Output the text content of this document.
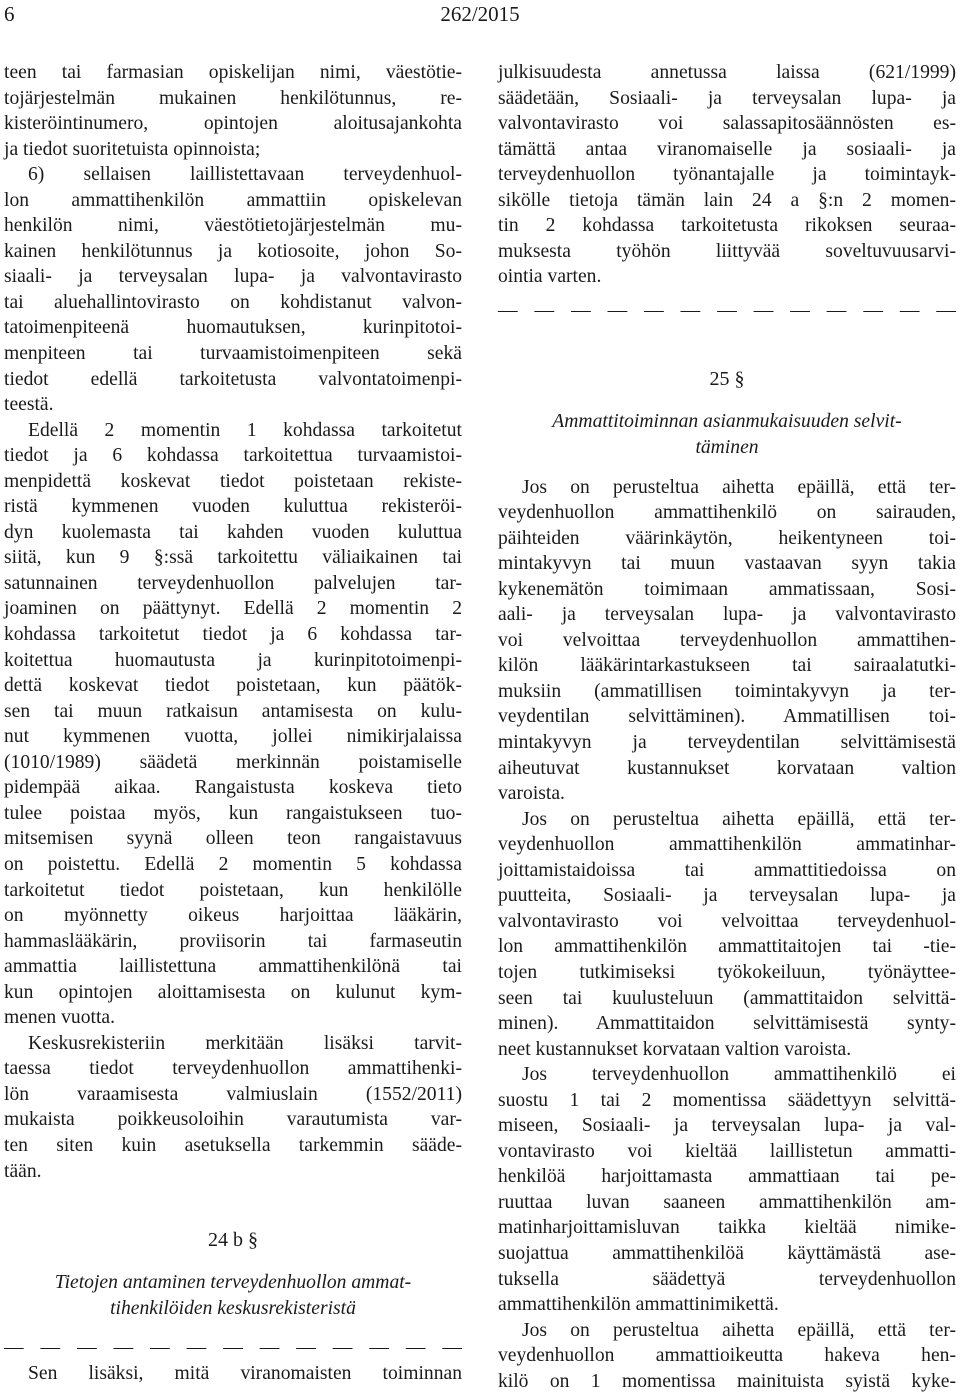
6	262/2015
teen tai farmasian opiskelijan nimi, väestötie-
tojärjestelmän mukainen henkilötunnus, re-
kisteröintinumero, opintojen aloitusajankohta
ja tiedot suoritetuista opinnoista;
6) sellaisen laillistettavaan terveydenhuol-
lon ammattihenkilön ammattiin opiskelevan
henkilön nimi, väestötietojärjestelmän mu-
kainen henkilötunnus ja kotiosoite, johon So-
siaali- ja terveysalan lupa- ja valvontavirasto
tai aluehallintovirasto on kohdistanut valvon-
tatoimenpiteenä huomautuksen, kurinpitotoi-
menpiteen tai turvaamistoimenpiteen sekä
tiedot edellä tarkoitetusta valvontatoimenpi-
teestä.
Edellä 2 momentin 1 kohdassa tarkoitetut
tiedot ja 6 kohdassa tarkoitettua turvaamistoi-
menpidettä koskevat tiedot poistetaan rekiste-
ristä kymmenen vuoden kuluttua rekisteröi-
dyn kuolemasta tai kahden vuoden kuluttua
siitä, kun 9 §:ssä tarkoitettu väliaikainen tai
satunnainen terveydenhuollon palvelujen tar-
joaminen on päättynyt. Edellä 2 momentin 2
kohdassa tarkoitetut tiedot ja 6 kohdassa tar-
koitettua huomautusta ja kurinpitotoimenpi-
dettä koskevat tiedot poistetaan, kun päätök-
sen tai muun ratkaisun antamisesta on kulu-
nut kymmenen vuotta, jollei nimikirjalaissa
(1010/1989) säädetä merkinnän poistamiselle
pidempää aikaa. Rangaistusta koskeva tieto
tulee poistaa myös, kun rangaistukseen tuo-
mitsemisen syynä olleen teon rangaistavuus
on poistettu. Edellä 2 momentin 5 kohdassa
tarkoitetut tiedot poistetaan, kun henkilölle
on myönnetty oikeus harjoittaa lääkärin,
hammaslääkärin, proviisorin tai farmaseutin
ammattia laillistettuna ammattihenkilönä tai
kun opintojen aloittamisesta on kulunut kym-
menen vuotta.
Keskusrekisteriin merkitään lisäksi tarvit-
taessa tiedot terveydenhuollon ammattihenki-
lön varaamisesta valmiuslain (1552/2011)
mukaista poikkeusoloihin varautumista var-
ten siten kuin asetuksella tarkemmin sääde-
tään.
24 b §
Tietojen antaminen terveydenhuollon ammat-
tihenkilöiden keskusrekisteristä
— — — — — — — — — — — — —
Sen lisäksi, mitä viranomaisten toiminnan
julkisuudesta annetussa laissa (621/1999)
säädetään, Sosiaali- ja terveysalan lupa- ja
valvontavirasto voi salassapitosäännösten es-
tämättä antaa viranomaiselle ja sosiaali- ja
terveydenhuollon työnantajalle ja toimintayk-
sikölle tietoja tämän lain 24 a §:n 2 momen-
tin 2 kohdassa tarkoitetusta rikoksen seuraa-
muksesta työhön liittyvää soveltuvuusarvi-
ointia varten.
— — — — — — — — — — — — —
25 §
Ammattitoiminnan asianmukaisuuden selvit-
täminen
Jos on perusteltua aihetta epäillä, että ter-
veydenhuollon ammattihenkilö on sairauden,
päihteiden väärinkäytön, heikentyneen toi-
mintakyvyn tai muun vastaavan syyn takia
kykenemätön toimimaan ammatissaan, Sosi-
aali- ja terveysalan lupa- ja valvontavirasto
voi velvoittaa terveydenhuollon ammattihen-
kilön lääkärintarkastukseen tai sairaalatutki-
muksiin (ammatillisen toimintakyvyn ja ter-
veydentilan selvittäminen). Ammatillisen toi-
mintakyvyn ja terveydentilan selvittämisestä
aiheutuvat kustannukset korvataan valtion
varoista.
Jos on perusteltua aihetta epäillä, että ter-
veydenhuollon ammattihenkilön ammatinhar-
joittamistaidoissa tai ammattitiedoissa on
puutteita, Sosiaali- ja terveysalan lupa- ja
valvontavirasto voi velvoittaa terveydenhuol-
lon ammattihenkilön ammattitaitojen tai -tie-
tojen tutkimiseksi työkokeiluun, työnäyttee-
seen tai kuulusteluun (ammattitaidon selvittä-
minen). Ammattitaidon selvittämisestä synty-
neet kustannukset korvataan valtion varoista.
Jos terveydenhuollon ammattihenkilö ei
suostu 1 tai 2 momentissa säädettyyn selvittä-
miseen, Sosiaali- ja terveysalan lupa- ja val-
vontavirasto voi kieltää laillistetun ammatti-
henkilöä harjoittamasta ammattiaan tai pe-
ruuttaa luvan saaneen ammattihenkilön am-
matinharjoittamisluvan taikka kieltää nimike-
suojattua ammattihenkilöä käyttämästä ase-
tuksella säädettyä terveydenhuollon
ammattihenkilön ammattinimikettä.
Jos on perusteltua aihetta epäillä, että ter-
veydenhuollon ammattioikeutta hakeva hen-
kilö on 1 momentissa mainituista syistä kyke-
